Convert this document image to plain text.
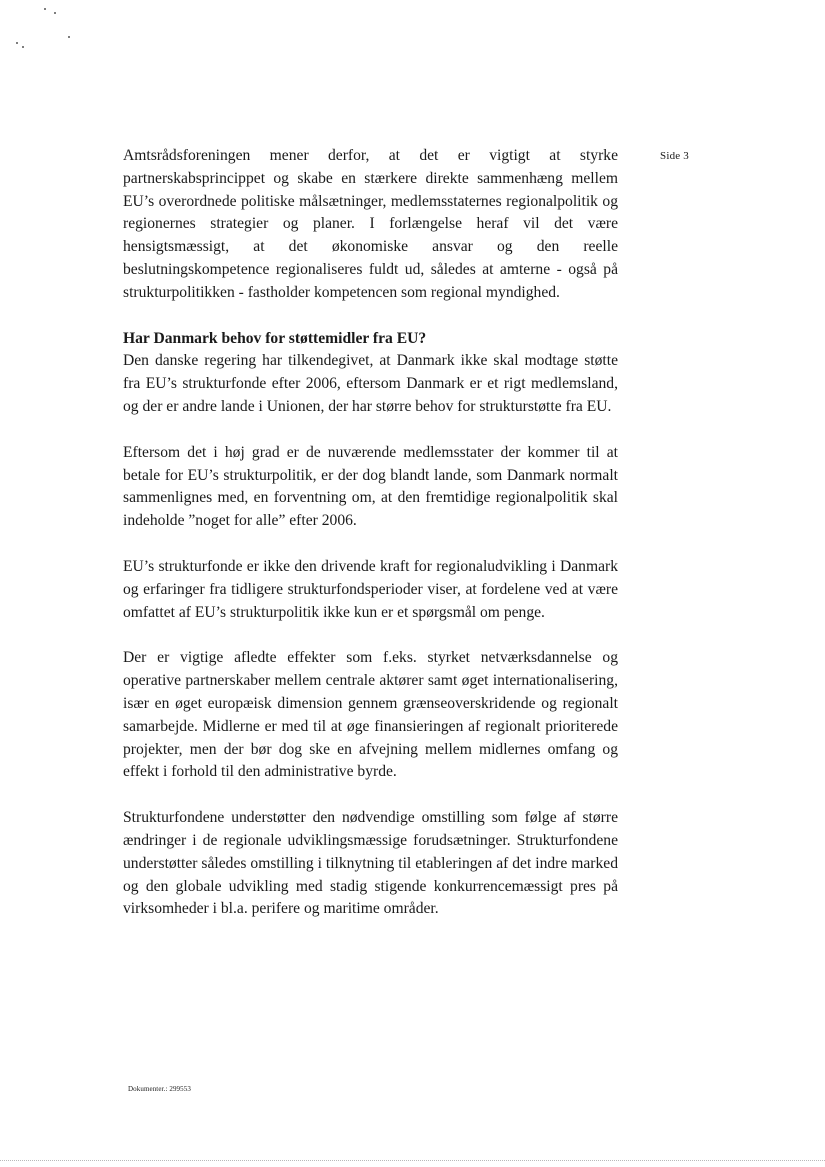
Side 3

Amtsrådsforeningen mener derfor, at det er vigtigt at styrke partnerskabsprincippet og skabe en stærkere direkte sammenhæng mellem EU’s overordnede politiske målsætninger, medlemsstaternes regionalpolitik og regionernes strategier og planer. I forlængelse heraf vil det være hensigtsmæssigt, at det økonomiske ansvar og den reelle beslutningskompetence regionaliseres fuldt ud, således at amterne - også på strukturpolitikken - fastholder kompetencen som regional myndighed.

Har Danmark behov for støttemidler fra EU?

Den danske regering har tilkendegivet, at Danmark ikke skal modtage støtte fra EU’s strukturfonde efter 2006, eftersom Danmark er et rigt medlemsland, og der er andre lande i Unionen, der har større behov for strukturstøtte fra EU.

Eftersom det i høj grad er de nuværende medlemsstater der kommer til at betale for EU’s strukturpolitik, er der dog blandt lande, som Danmark normalt sammenlignes med, en forventning om, at den fremtidige regionalpolitik skal indeholde ”noget for alle” efter 2006.

EU’s strukturfonde er ikke den drivende kraft for regionaludvikling i Danmark og erfaringer fra tidligere strukturfondsperioder viser, at fordelene ved at være omfattet af EU’s strukturpolitik ikke kun er et spørgsmål om penge.

Der er vigtige afledte effekter som f.eks. styrket netværksdannelse og operative partnerskaber mellem centrale aktører samt øget internationalisering, især en øget europæisk dimension gennem grænseoverskridende og regionalt samarbejde. Midlerne er med til at øge finansieringen af regionalt prioriterede projekter, men der bør dog ske en afvejning mellem midlernes omfang og effekt i forhold til den administrative byrde.

Strukturfondene understøtter den nødvendige omstilling som følge af større ændringer i de regionale udviklingsmæssige forudsætninger. Strukturfondene understøtter således omstilling i tilknytning til etableringen af det indre marked og den globale udvikling med stadig stigende konkurrencemæssigt pres på virksomheder i bl.a. perifere og maritime områder.

Dokumenter.: 299553
